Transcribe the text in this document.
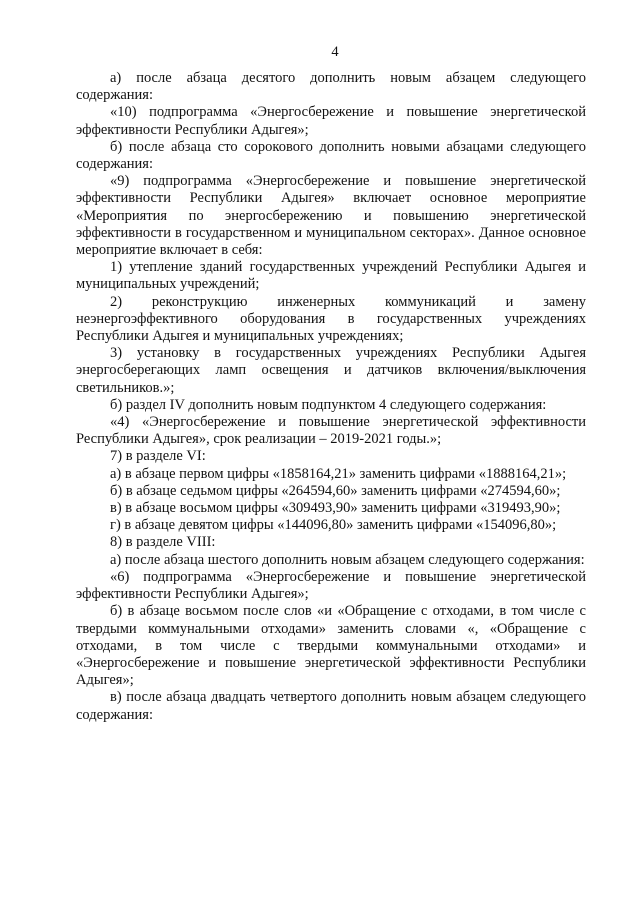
4

а) после абзаца десятого дополнить новым абзацем следующего содержания:

«10) подпрограмма «Энергосбережение и повышение энергетической эффективности Республики Адыгея»;

б) после абзаца сто сорокового дополнить новыми абзацами следующего содержания:

«9) подпрограмма «Энергосбережение и повышение энергетической эффективности Республики Адыгея» включает основное мероприятие «Мероприятия по энергосбережению и повышению энергетической эффективности в государственном и муниципальном секторах». Данное основное мероприятие включает в себя:

1) утепление зданий государственных учреждений Республики Адыгея и муниципальных учреждений;

2) реконструкцию инженерных коммуникаций и замену неэнергоэффективного оборудования в государственных учреждениях Республики Адыгея и муниципальных учреждениях;

3) установку в государственных учреждениях Республики Адыгея энергосберегающих ламп освещения и датчиков включения/выключения светильников.»;

б) раздел IV дополнить новым подпунктом 4 следующего содержания:

«4) «Энергосбережение и повышение энергетической эффективности Республики Адыгея», срок реализации – 2019-2021 годы.»;

7) в разделе VI:

а) в абзаце первом цифры «1858164,21» заменить цифрами «1888164,21»;

б) в абзаце седьмом цифры «264594,60» заменить цифрами «274594,60»;

в) в абзаце восьмом цифры «309493,90» заменить цифрами «319493,90»;

г) в абзаце девятом цифры «144096,80» заменить цифрами «154096,80»;

8) в разделе VIII:

а) после абзаца шестого дополнить новым абзацем следующего содержания:

«6) подпрограмма «Энергосбережение и повышение энергетической эффективности Республики Адыгея»;

б) в абзаце восьмом после слов «и «Обращение с отходами, в том числе с твердыми коммунальными отходами» заменить словами «, «Обращение с отходами, в том числе с твердыми коммунальными отходами» и «Энергосбережение и повышение энергетической эффективности Республики Адыгея»;

в) после абзаца двадцать четвертого дополнить новым абзацем следующего содержания:
